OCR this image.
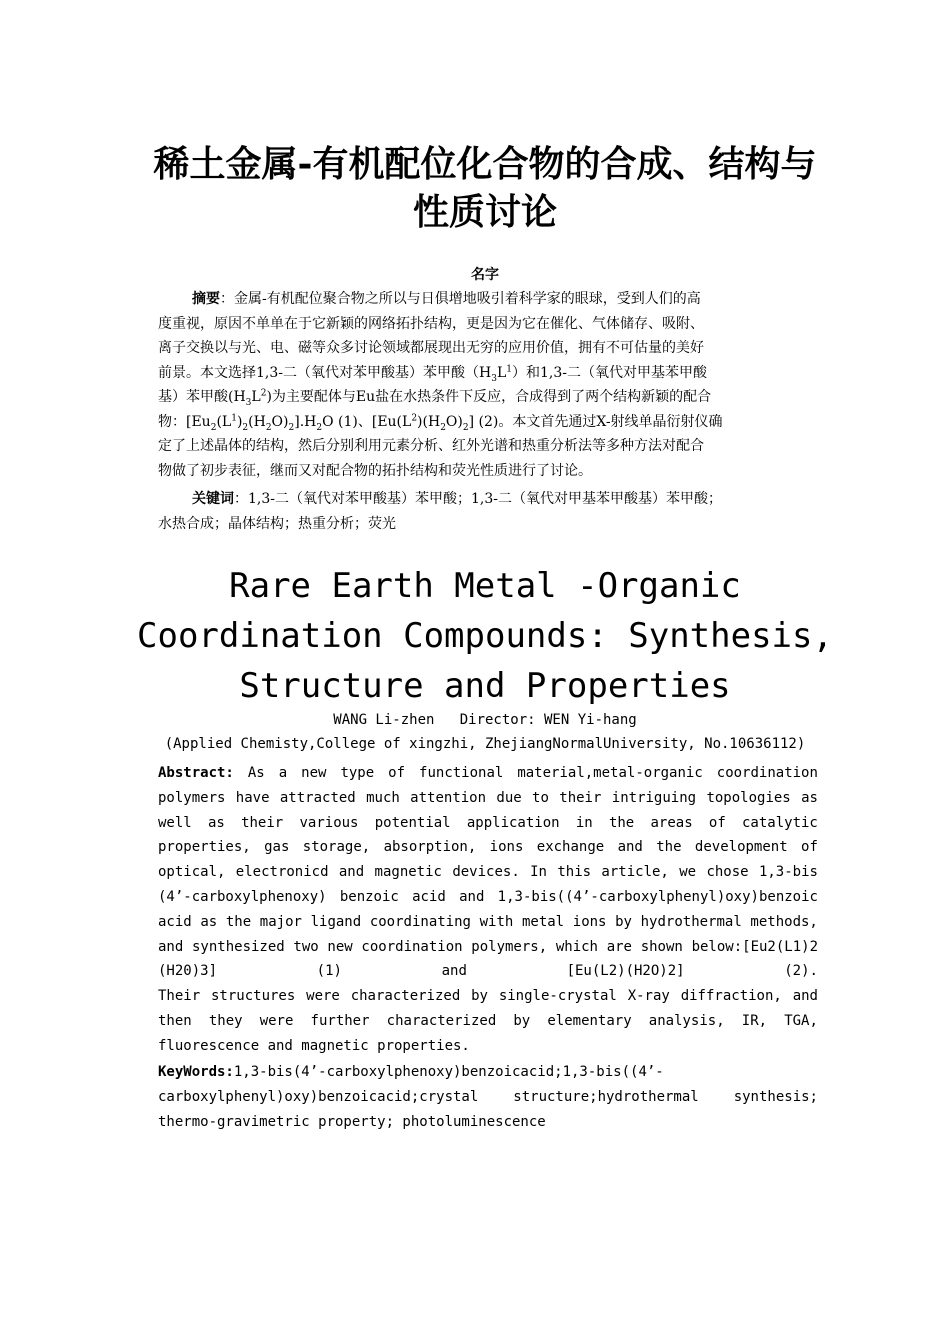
稀土金属-有机配位化合物的合成、结构与
性质讨论
名字
摘要 ： 金属-有机配位聚合物之所以与日俱增地吸引着科学家的眼球，受到人们的高
度重视，原因不单单在于它新颖的网络拓扑结构，更是因为它在催化、气体储存、吸附、
离子交换以与光、电、磁等众多讨论领域都展现出无穷的应用价值，拥有不可估量的美好
前景。本文选择1,3-二（氧代对苯甲酸基）苯甲酸$(H_3L^1)$和1,3-二（氧代对甲基苯甲酸
基）苯甲酸$(H_3L^2)$为主要配体与Eu盐在水热条件下反应，合成得到了两个结构新颖的配合
物：$[Eu_2(L^1)_2(H_2O)_2].H_2O$ (1)、$[Eu(L^2)(H_2O)_2]$ (2)。本文首先通过X-射线单晶衍射仪确
定了上述晶体的结构，然后分别利用元素分析、红外光谱和热重分析法等多种方法对配合
物做了初步表征，继而又对配合物的拓扑结构和荧光性质进行了讨论。
关键词 ： 1,3-二（氧代对苯甲酸基）苯甲酸；1,3-二（氧代对甲基苯甲酸基）苯甲酸；
水热合成；晶体结构；热重分析；荧光
Rare Earth Metal -Organic
Coordination Compounds: Synthesis,
Structure and Properties
WANG Li-zhen   Director: WEN Yi-hang
(Applied Chemisty,College of xingzhi, ZhejiangNormalUniversity, No.10636112)
Abstract: As a new type of functional material,metal-organic coordination
polymers have attracted much attention due to their intriguing topologies as
well as their various potential application in the areas of catalytic
properties, gas storage, absorption, ions exchange and the development of
optical, electronicd and magnetic devices. In this article, we chose 1,3-bis
(4’-carboxylphenoxy) benzoic acid and 1,3-bis((4’-carboxylphenyl)oxy)benzoic
acid as the major ligand coordinating with metal ions by hydrothermal methods,
and synthesized two new coordination polymers, which are shown below:[Eu2(L1)2
(H20)3]	(1)	and	[Eu(L2)(H2O)2]	(2).
Their structures were characterized by single-crystal X-ray diffraction, and
then they were further characterized by elementary analysis, IR, TGA,
fluorescence and magnetic properties.
KeyWords: 1,3-bis(4’-carboxylphenoxy)benzoicacid;1,3-bis((4’-
carboxylphenyl)oxy)benzoicacid;crystal structure;hydrothermal synthesis;
thermo-gravimetric property; photoluminescence
